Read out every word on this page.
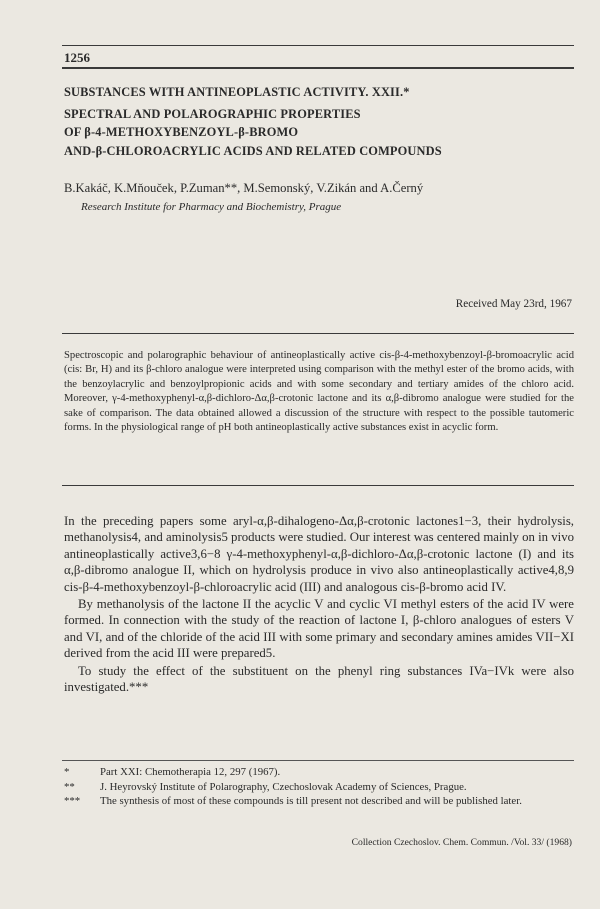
1256
SUBSTANCES WITH ANTINEOPLASTIC ACTIVITY. XXII.*
SPECTRAL AND POLAROGRAPHIC PROPERTIES
OF β-4-METHOXYBENZOYL-β-BROMO
AND-β-CHLOROACRYLIC ACIDS AND RELATED COMPOUNDS
B.Kakáč, K.Mňouček, P.Zuman**, M.Semonský, V.Zikán and A.Černý
Research Institute for Pharmacy and Biochemistry, Prague
Received May 23rd, 1967

Spectroscopic and polarographic behaviour of antineoplastically active cis-β-4-methoxybenzoyl-β-bromoacrylic acid (cis: Br, H) and its β-chloro analogue were interpreted using comparison with the methyl ester of the bromo acids, with the benzoylacrylic and benzoylpropionic acids and with some secondary and tertiary amides of the chloro acid. Moreover, γ-4-methoxyphenyl-α,β-dichloro-Δα,β-crotonic lactone and its α,β-dibromo analogue were studied for the sake of comparison. The data obtained allowed a discussion of the structure with respect to the possible tautomeric forms. In the physiological range of pH both antineoplastically active substances exist in acyclic form.

In the preceding papers some aryl-α,β-dihalogeno-Δα,β-crotonic lactones1−3, their hydrolysis, methanolysis4, and aminolysis5 products were studied. Our interest was centered mainly on in vivo antineoplastically active3,6−8 γ-4-methoxyphenyl-α,β-dichloro-Δα,β-crotonic lactone (I) and its α,β-dibromo analogue II, which on hydrolysis produce in vivo also antineoplastically active4,8,9 cis-β-4-methoxybenzoyl-β-chloroacrylic acid (III) and analogous cis-β-bromo acid IV.

By methanolysis of the lactone II the acyclic V and cyclic VI methyl esters of the acid IV were formed. In connection with the study of the reaction of lactone I, β-chloro analogues of esters V and VI, and of the chloride of the acid III with some primary and secondary amines amides VII−XI derived from the acid III were prepared5.

To study the effect of the substituent on the phenyl ring substances IVa−IVk were also investigated.***

*	Part XXI: Chemotherapia 12, 297 (1967).
**	J. Heyrovský Institute of Polarography, Czechoslovak Academy of Sciences, Prague.
***	The synthesis of most of these compounds is till present not described and will be published later.
Collection Czechoslov. Chem. Commun. /Vol. 33/ (1968)
